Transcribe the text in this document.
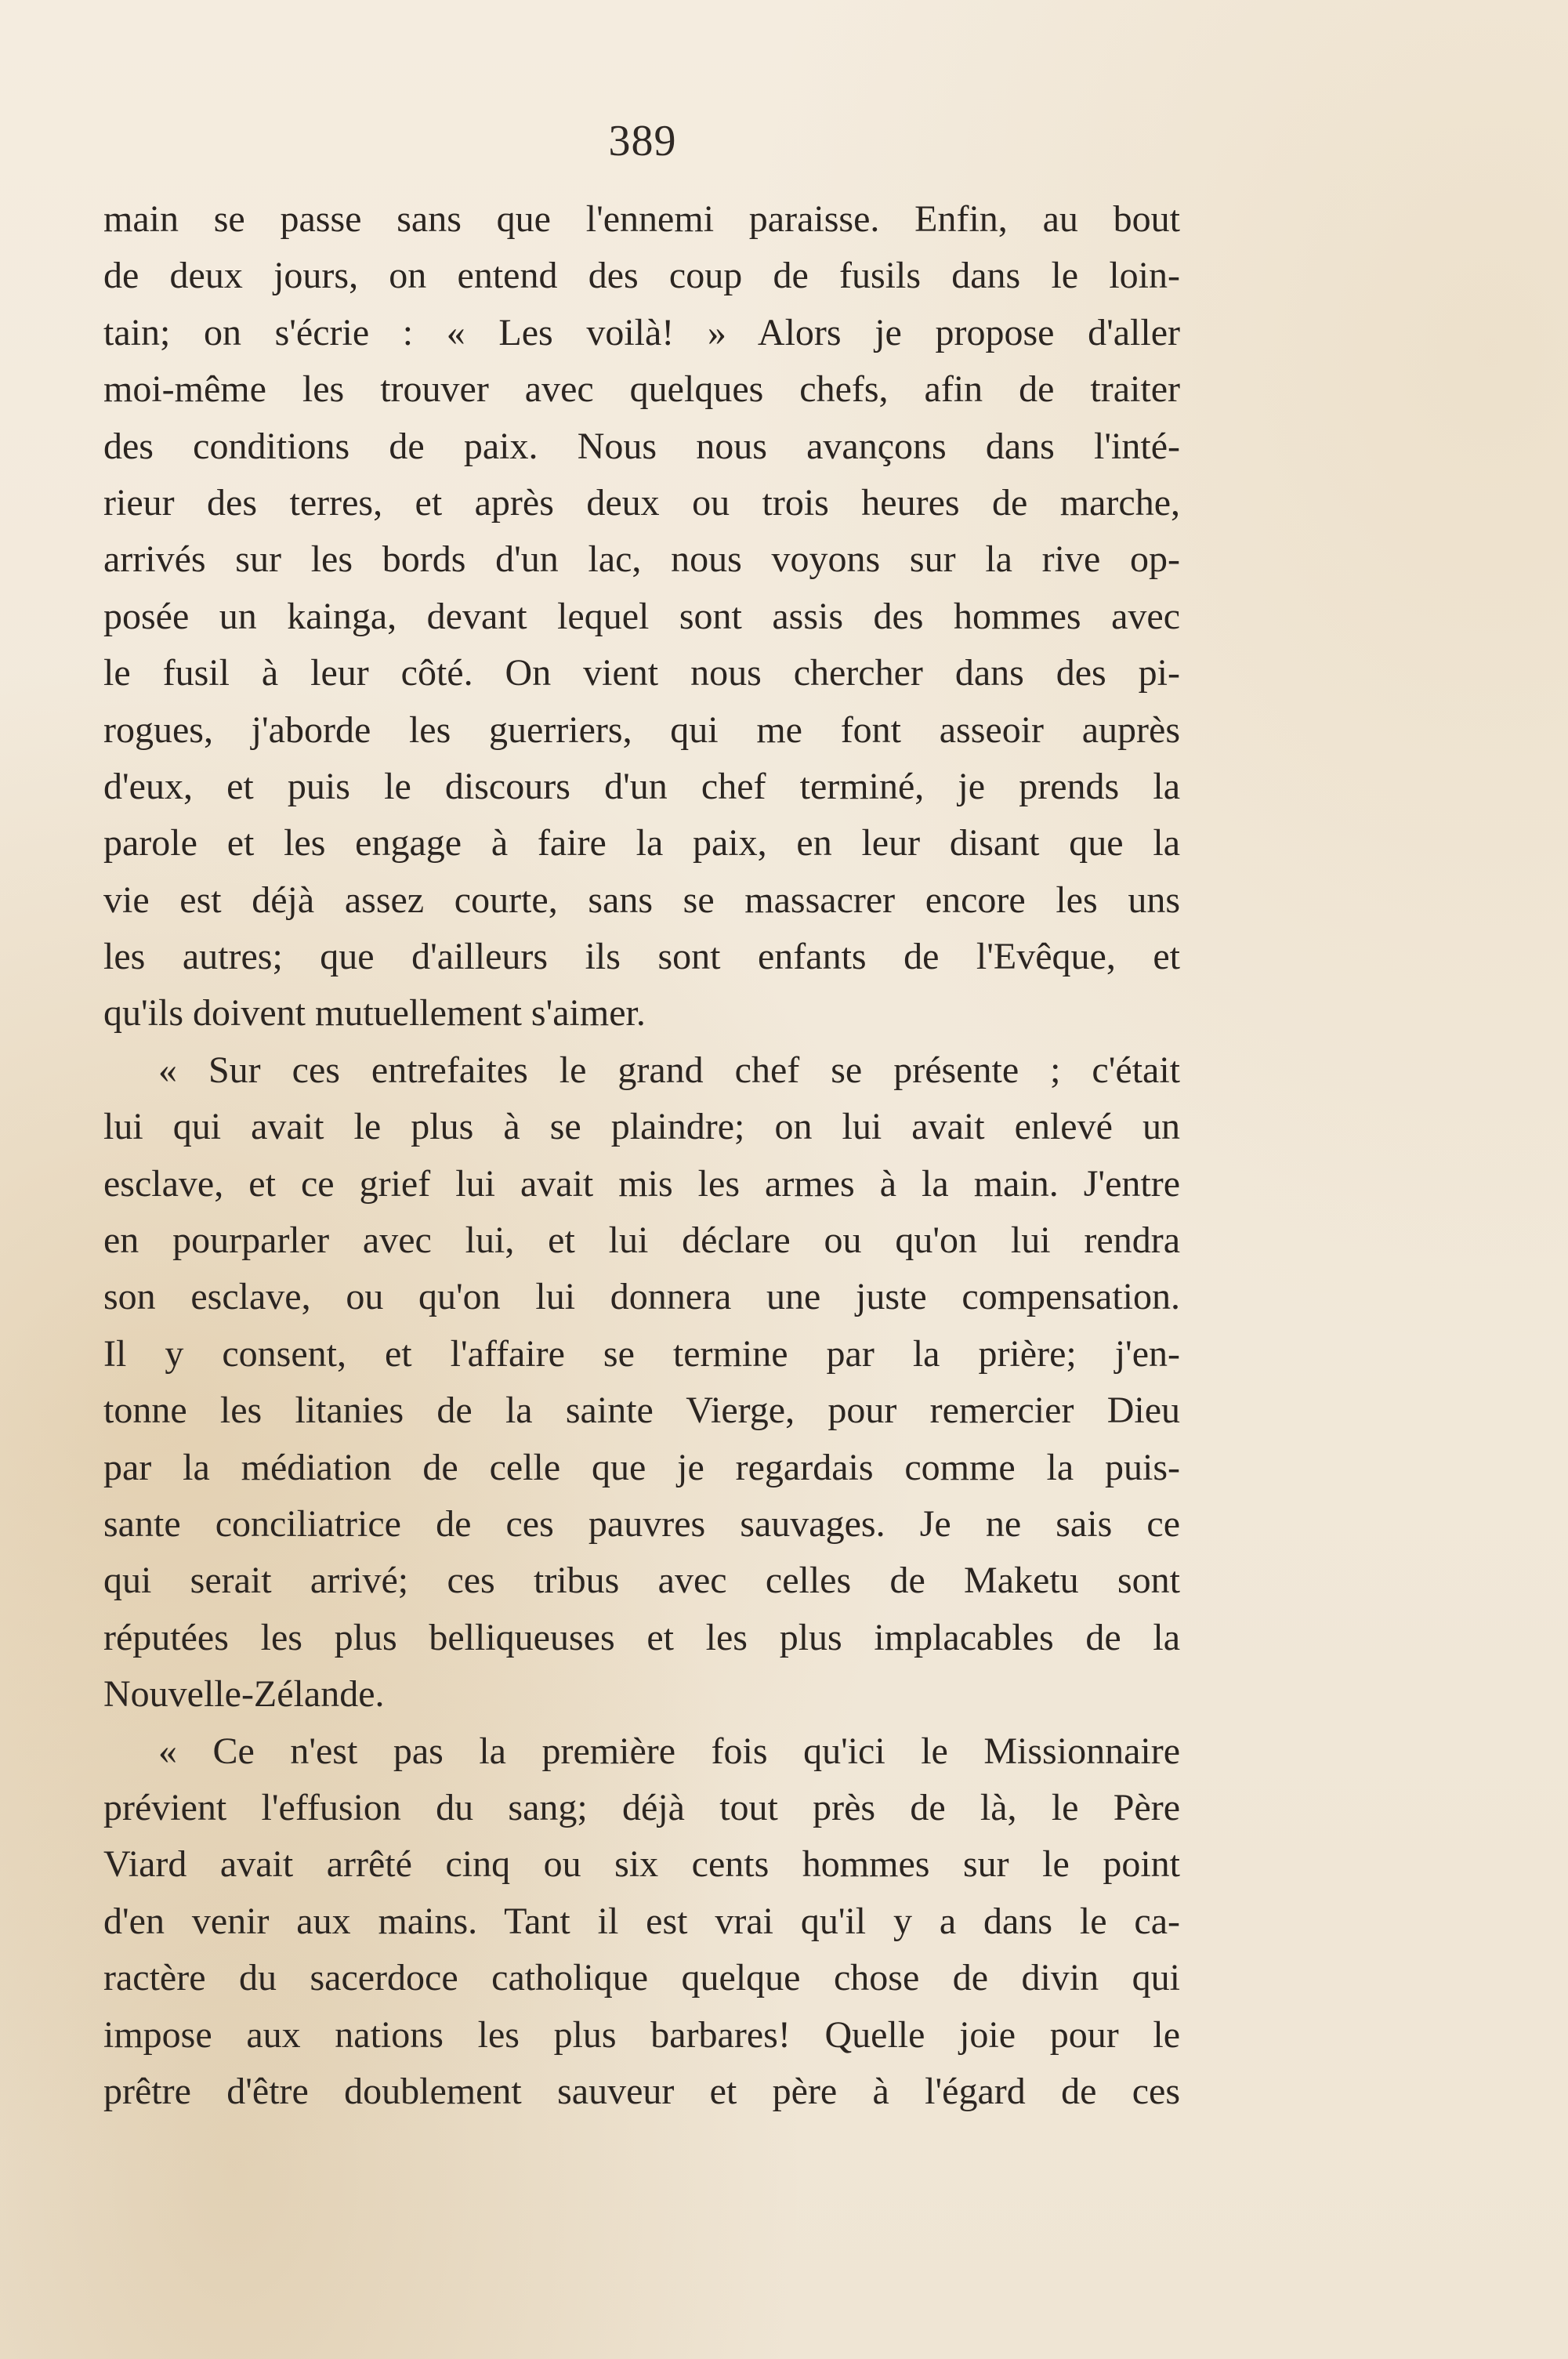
389
main se passe sans que l'ennemi paraisse. Enfin, au bout
de deux jours, on entend des coup de fusils dans le loin-
tain; on s'écrie : « Les voilà! » Alors je propose d'aller
moi-même les trouver avec quelques chefs, afin de traiter
des conditions de paix. Nous nous avançons dans l'inté-
rieur des terres, et après deux ou trois heures de marche,
arrivés sur les bords d'un lac, nous voyons sur la rive op-
posée un kainga, devant lequel sont assis des hommes avec
le fusil à leur côté. On vient nous chercher dans des pi-
rogues, j'aborde les guerriers, qui me font asseoir auprès
d'eux, et puis le discours d'un chef terminé, je prends la
parole et les engage à faire la paix, en leur disant que la
vie est déjà assez courte, sans se massacrer encore les uns
les autres; que d'ailleurs ils sont enfants de l'Evêque, et
qu'ils doivent mutuellement s'aimer.
« Sur ces entrefaites le grand chef se présente ; c'était
lui qui avait le plus à se plaindre; on lui avait enlevé un
esclave, et ce grief lui avait mis les armes à la main. J'entre
en pourparler avec lui, et lui déclare ou qu'on lui rendra
son esclave, ou qu'on lui donnera une juste compensation.
Il y consent, et l'affaire se termine par la prière; j'en-
tonne les litanies de la sainte Vierge, pour remercier Dieu
par la médiation de celle que je regardais comme la puis-
sante conciliatrice de ces pauvres sauvages. Je ne sais ce
qui serait arrivé; ces tribus avec celles de Maketu sont
réputées les plus belliqueuses et les plus implacables de la
Nouvelle-Zélande.
« Ce n'est pas la première fois qu'ici le Missionnaire
prévient l'effusion du sang; déjà tout près de là, le Père
Viard avait arrêté cinq ou six cents hommes sur le point
d'en venir aux mains. Tant il est vrai qu'il y a dans le ca-
ractère du sacerdoce catholique quelque chose de divin qui
impose aux nations les plus barbares! Quelle joie pour le
prêtre d'être doublement sauveur et père à l'égard de ces
